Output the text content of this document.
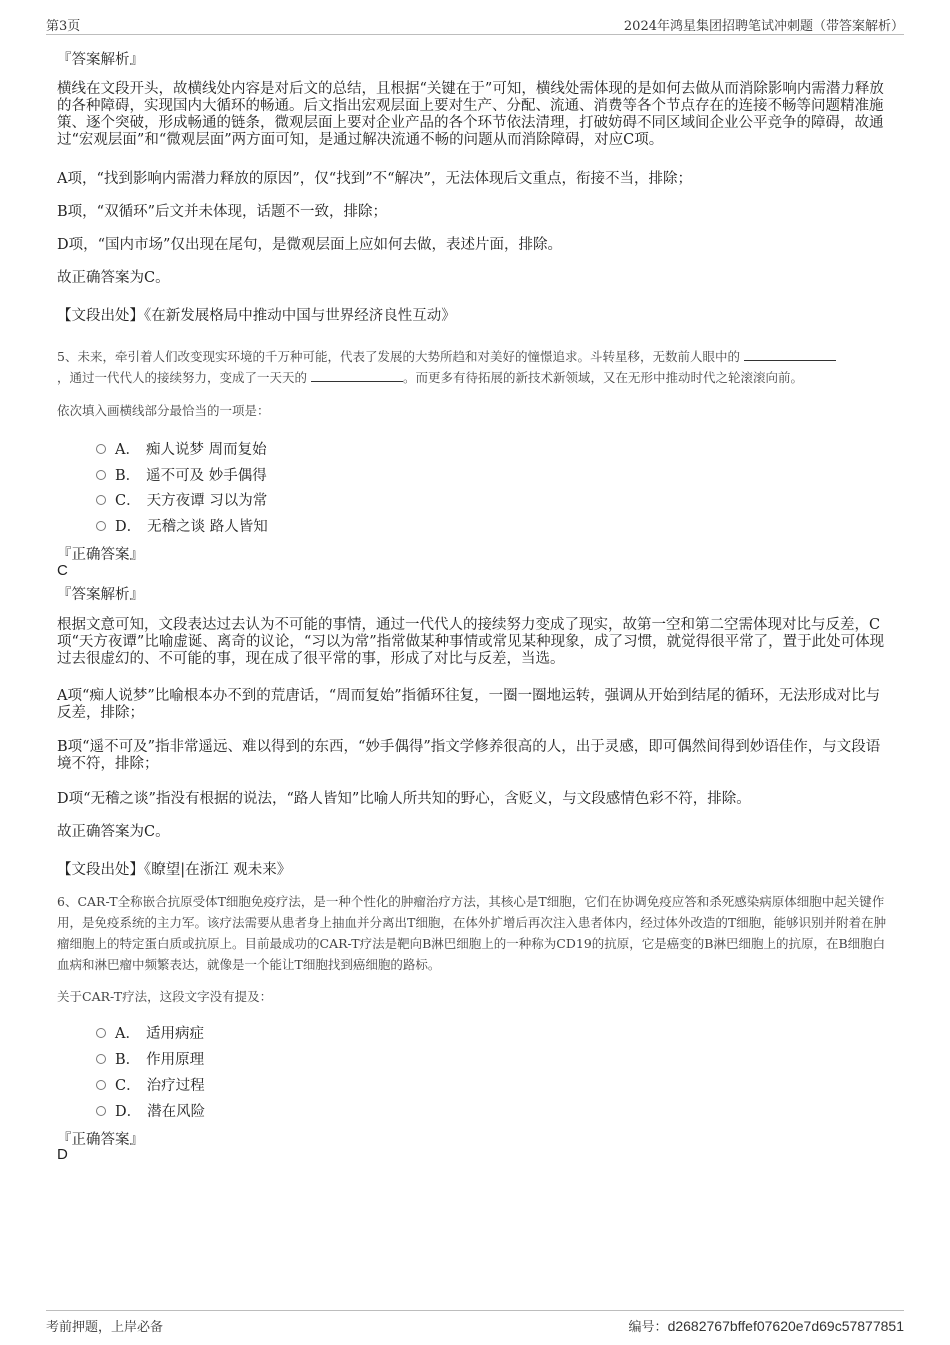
第3页	2024年鸿星集团招聘笔试冲刺题（带答案解析）
『答案解析』
横线在文段开头，故横线处内容是对后文的总结，且根据“关键在于”可知，横线处需体现的是如何去做从而消除影响内需潜力释放的各种障碍，实现国内大循环的畅通。后文指出宏观层面上要对生产、分配、流通、消费等各个节点存在的连接不畅等问题精准施策、逐个突破，形成畅通的链条，微观层面上要对企业产品的各个环节依法清理，打破妨碍不同区域间企业公平竞争的障碍，故通过“宏观层面”和“微观层面”两方面可知，是通过解决流通不畅的问题从而消除障碍，对应C项。
A项，“找到影响内需潜力释放的原因”，仅“找到”不“解决”，无法体现后文重点，衔接不当，排除；
B项，“双循环”后文并未体现，话题不一致，排除；
D项，“国内市场”仅出现在尾句，是微观层面上应如何去做，表述片面，排除。
故正确答案为C。
【文段出处】《在新发展格局中推动中国与世界经济良性互动》
5、未来，牵引着人们改变现实环境的千万种可能，代表了发展的大势所趋和对美好的憧憬追求。斗转星移，无数前人眼中的
，通过一代代人的接续努力，变成了一天天的	。而更多有待拓展的新技术新领域，又在无形中推动时代之轮滚滚向前。
依次填入画横线部分最恰当的一项是：
A． 痴人说梦 周而复始
B． 遥不可及 妙手偶得
C． 天方夜谭 习以为常
D． 无稽之谈 路人皆知
『正确答案』
C
『答案解析』
根据文意可知，文段表达过去认为不可能的事情，通过一代代人的接续努力变成了现实，故第一空和第二空需体现对比与反差，C项“天方夜谭”比喻虚诞、离奇的议论，“习以为常”指常做某种事情或常见某种现象，成了习惯，就觉得很平常了，置于此处可体现过去很虚幻的、不可能的事，现在成了很平常的事，形成了对比与反差，当选。
A项“痴人说梦”比喻根本办不到的荒唐话，“周而复始”指循环往复，一圈一圈地运转，强调从开始到结尾的循环，无法形成对比与反差，排除；
B项“遥不可及”指非常遥远、难以得到的东西，“妙手偶得”指文学修养很高的人，出于灵感，即可偶然间得到妙语佳作，与文段语境不符，排除；
D项“无稽之谈”指没有根据的说法，“路人皆知”比喻人所共知的野心，含贬义，与文段感情色彩不符，排除。
故正确答案为C。
【文段出处】《瞭望|在浙江 观未来》
6、CAR-T全称嵌合抗原受体T细胞免疫疗法，是一种个性化的肿瘤治疗方法，其核心是T细胞，它们在协调免疫应答和杀死感染病原体细胞中起关键作用，是免疫系统的主力军。该疗法需要从患者身上抽血并分离出T细胞，在体外扩增后再次注入患者体内，经过体外改造的T细胞，能够识别并附着在肿瘤细胞上的特定蛋白质或抗原上。目前最成功的CAR-T疗法是靶向B淋巴细胞上的一种称为CD19的抗原，它是癌变的B淋巴细胞上的抗原，在B细胞白血病和淋巴瘤中频繁表达，就像是一个能让T细胞找到癌细胞的路标。
关于CAR-T疗法，这段文字没有提及：
A． 适用病症
B． 作用原理
C． 治疗过程
D． 潜在风险
『正确答案』
D
考前押题，上岸必备	编号：d2682767bffef07620e7d69c57877851
